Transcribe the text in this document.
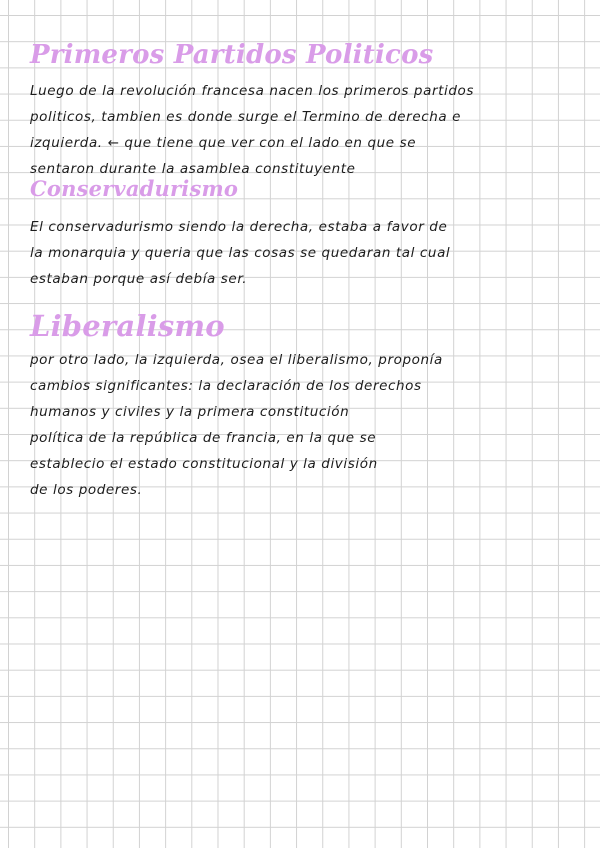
Primeros Partidos Politicos
Luego de la revolución francesa nacen los primeros partidos
politicos, tambien es donde surge el Termino de derecha e
izquierda. ← que tiene que ver con el lado en que se
sentaron durante la asamblea constituyente
Conservadurismo
El conservadurismo siendo la derecha, estaba a favor de
la monarquia y queria que las cosas se quedaran tal cual
estaban porque así debía ser.
Liberalismo
por otro lado, la izquierda, osea el liberalismo, proponía
cambios significantes: la declaración de los derechos
humanos y civiles y la primera constitución
política de la república de francia, en la que se
establecio el estado constitucional y la división
de los poderes.
